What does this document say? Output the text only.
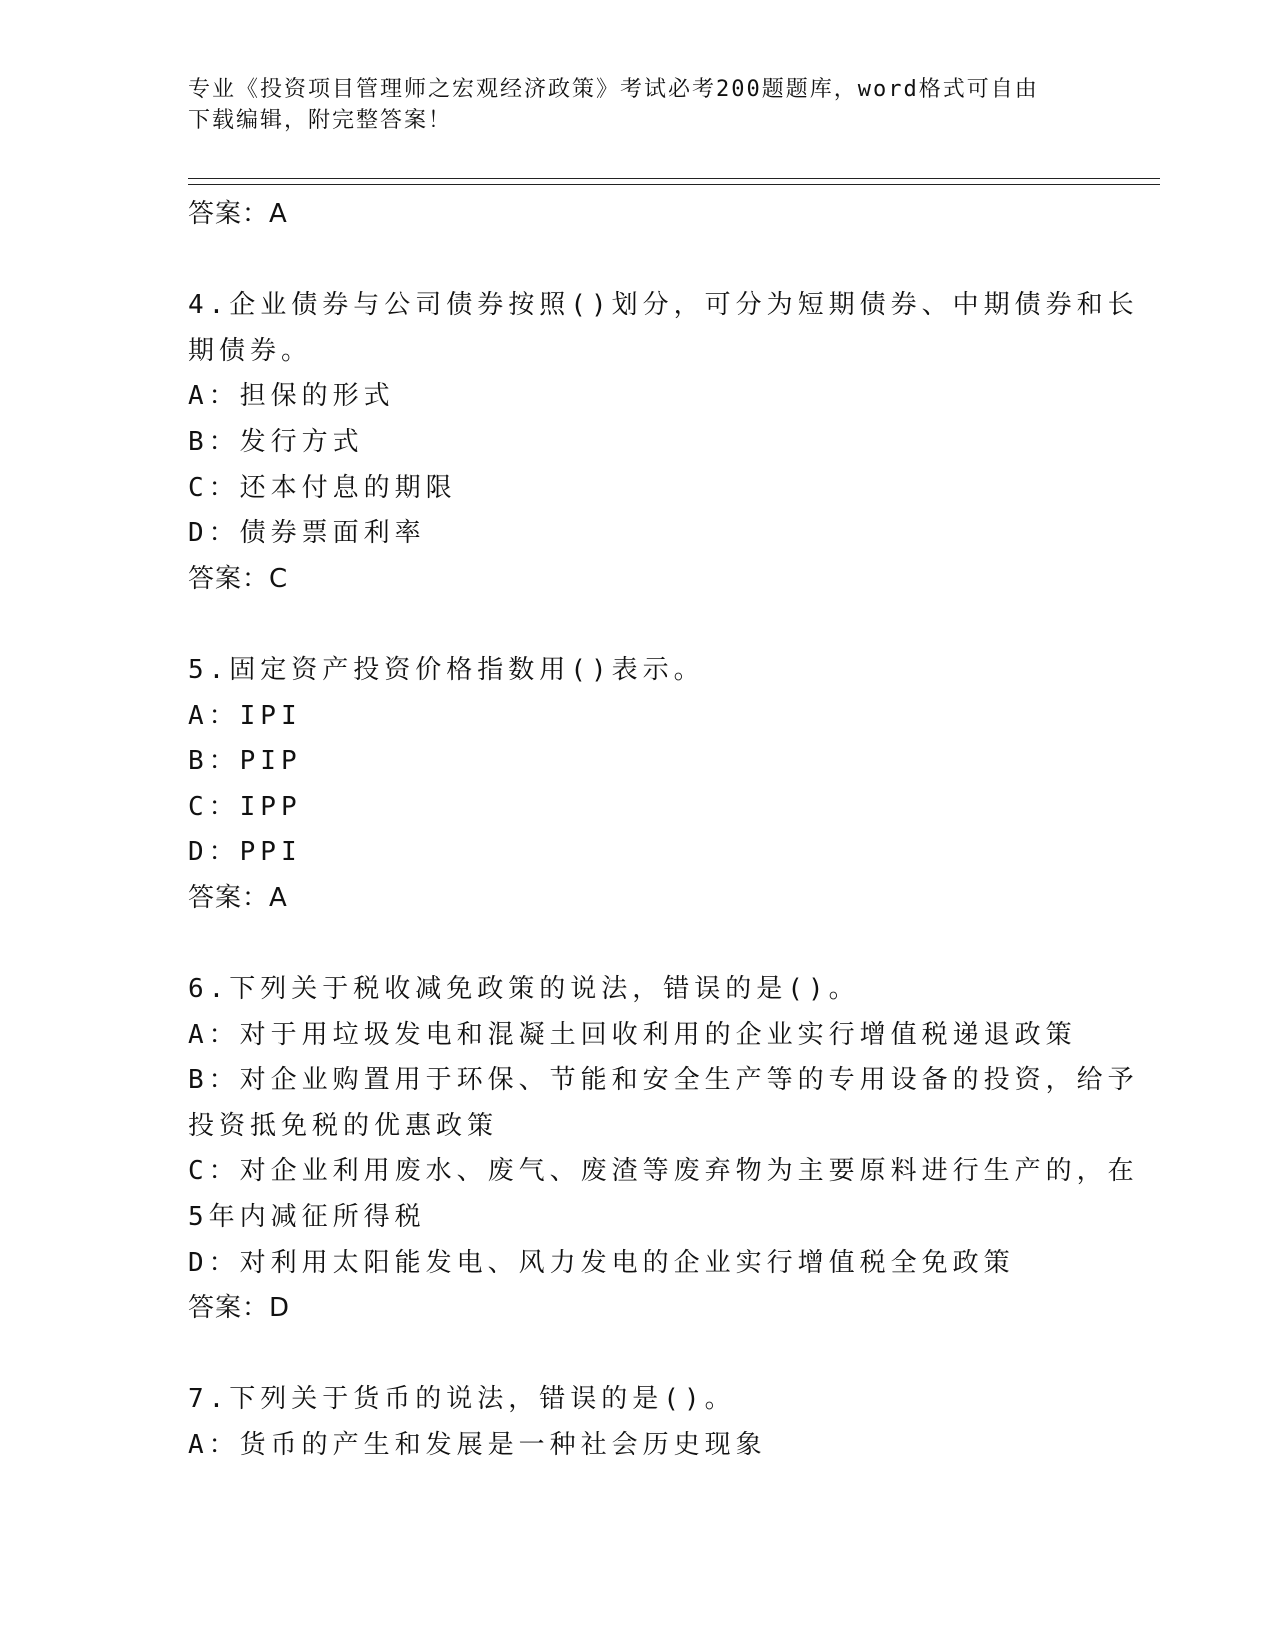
专业《投资项目管理师之宏观经济政策》考试必考200题题库，word格式可自由
下载编辑，附完整答案！
答案：A
4.企业债券与公司债券按照()划分，可分为短期债券、中期债券和长
期债券。
A：担保的形式
B：发行方式
C：还本付息的期限
D：债券票面利率
答案：C
5.固定资产投资价格指数用()表示。
A：IPI
B：PIP
C：IPP
D：PPI
答案：A
6.下列关于税收减免政策的说法，错误的是()。
A：对于用垃圾发电和混凝土回收利用的企业实行增值税递退政策
B：对企业购置用于环保、节能和安全生产等的专用设备的投资，给予
投资抵免税的优惠政策
C：对企业利用废水、废气、废渣等废弃物为主要原料进行生产的，在
5年内减征所得税
D：对利用太阳能发电、风力发电的企业实行增值税全免政策
答案：D
7.下列关于货币的说法，错误的是()。
A：货币的产生和发展是一种社会历史现象
